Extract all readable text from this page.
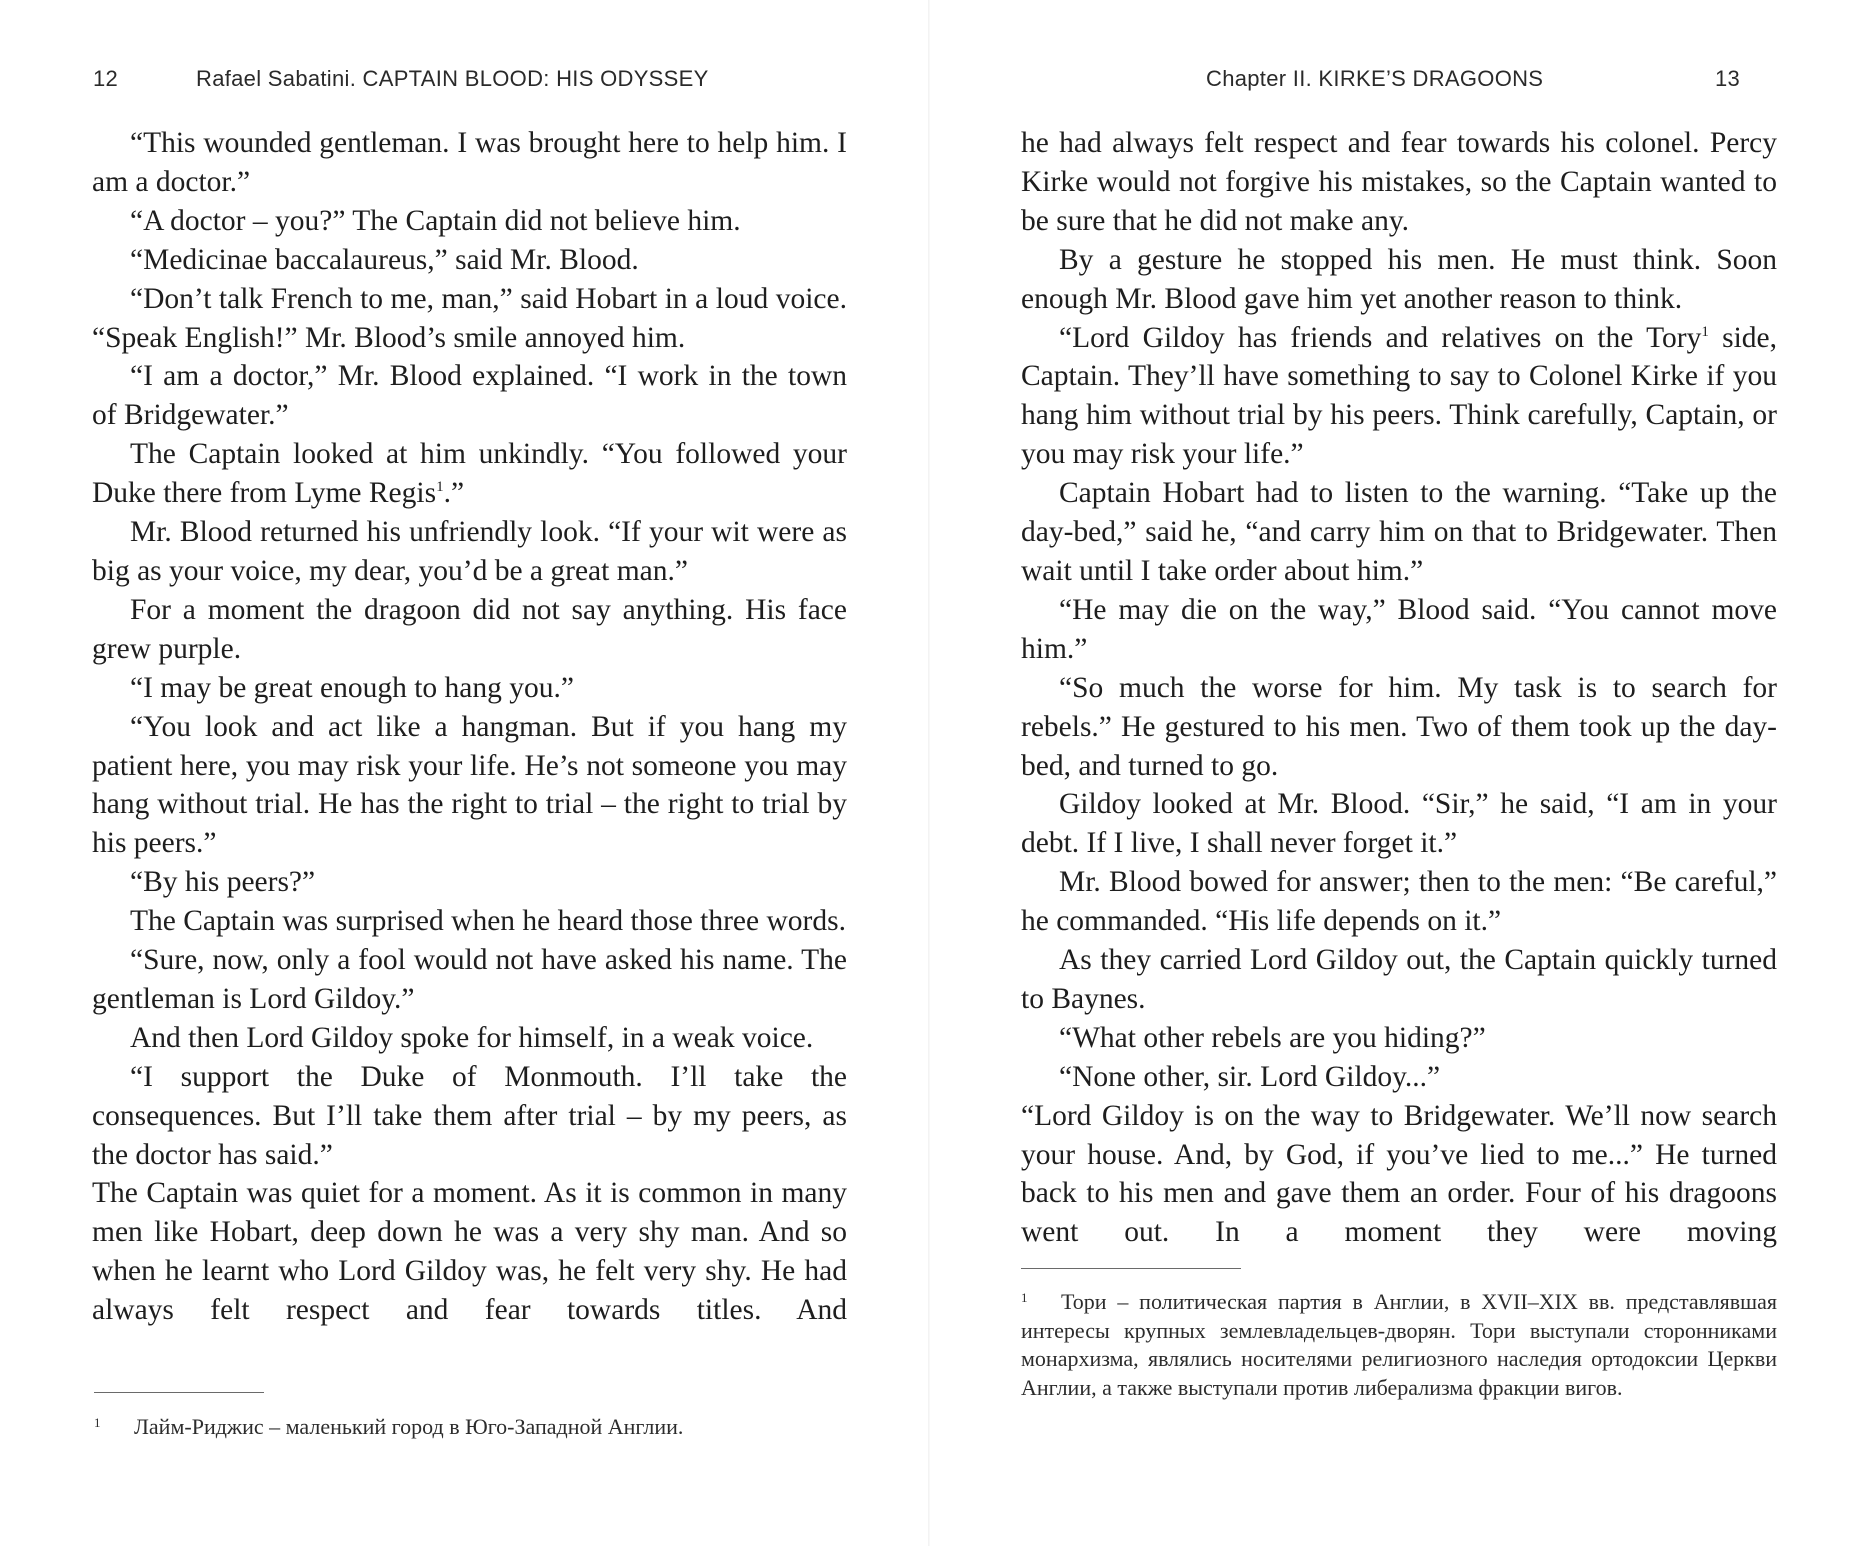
12	Rafael Sabatini. CAPTAIN BLOOD: HIS ODYSSEY

“This wounded gentleman. I was brought here to help him. I am a doctor.”

“A doctor – you?” The Captain did not believe him.

“Medicinae baccalaureus,” said Mr. Blood.

“Don’t talk French to me, man,” said Hobart in a loud voice. “Speak English!” Mr. Blood’s smile annoyed him.

“I am a doctor,” Mr. Blood explained. “I work in the town of Bridgewater.”

The Captain looked at him unkindly. “You followed your Duke there from Lyme Regis$^1$.”

Mr. Blood returned his unfriendly look. “If your wit were as big as your voice, my dear, you’d be a great man.”

For a moment the dragoon did not say anything. His face grew purple.

“I may be great enough to hang you.”

“You look and act like a hangman. But if you hang my patient here, you may risk your life. He’s not someone you may hang without trial. He has the right to trial – the right to trial by his peers.”

“By his peers?”

The Captain was surprised when he heard those three words.

“Sure, now, only a fool would not have asked his name. The gentleman is Lord Gildoy.”

And then Lord Gildoy spoke for himself, in a weak voice.

“I support the Duke of Monmouth. I’ll take the consequences. But I’ll take them after trial – by my peers, as the doctor has said.”

The Captain was quiet for a moment. As it is common in many men like Hobart, deep down he was a very shy man. And so when he learnt who Lord Gildoy was, he felt very shy. He had always felt respect and fear towards titles. And

1 Лайм-Риджис – маленький город в Юго-Западной Англии.
Chapter II. KIRKE’S DRAGOONS	13

he had always felt respect and fear towards his colonel. Percy Kirke would not forgive his mistakes, so the Captain wanted to be sure that he did not make any.

By a gesture he stopped his men. He must think. Soon enough Mr. Blood gave him yet another reason to think.

“Lord Gildoy has friends and relatives on the Tory$^1$ side, Captain. They’ll have something to say to Colonel Kirke if you hang him without trial by his peers. Think carefully, Captain, or you may risk your life.”

Captain Hobart had to listen to the warning. “Take up the day-bed,” said he, “and carry him on that to Bridgewater. Then wait until I take order about him.”

“He may die on the way,” Blood said. “You cannot move him.”

“So much the worse for him. My task is to search for rebels.” He gestured to his men. Two of them took up the day-bed, and turned to go.

Gildoy looked at Mr. Blood. “Sir,” he said, “I am in your debt. If I live, I shall never forget it.”

Mr. Blood bowed for answer; then to the men: “Be careful,” he commanded. “His life depends on it.”

As they carried Lord Gildoy out, the Captain quickly turned to Baynes.

“What other rebels are you hiding?”

“None other, sir. Lord Gildoy...”

“Lord Gildoy is on the way to Bridgewater. We’ll now search your house. And, by God, if you’ve lied to me...” He turned back to his men and gave them an order. Four of his dragoons went out. In a moment they were moving

1 Тори – политическая партия в Англии, в XVII–XIX вв. представлявшая интересы крупных землевладельцев-дворян. Тори выступали сторонниками монархизма, являлись носителями религиозного наследия ортодоксии Церкви Англии, а также выступали против либерализма фракции вигов.
